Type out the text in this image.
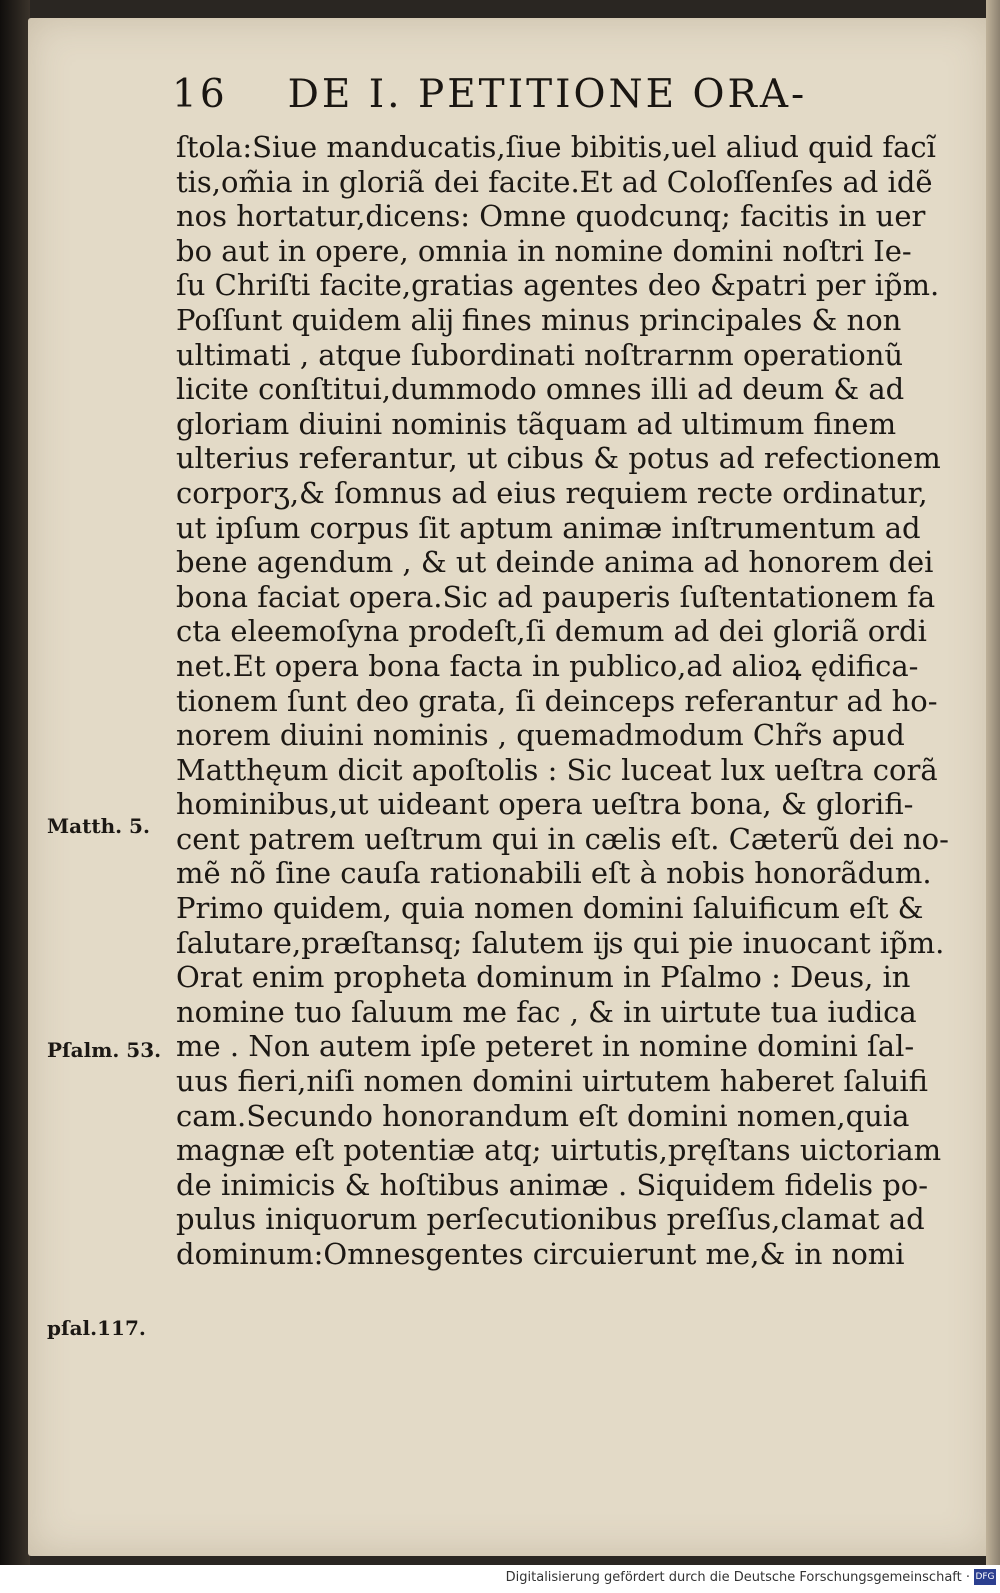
16 DE I. PETITIONE ORA-
ſtola:Siue manducatis,ſiue bibitis,uel aliud quid facĩ
tis,om̃ia in gloriã dei facite.Et ad Coloſſenſes ad idẽ
nos hortatur,dicens: Omne quodcunq; facitis in uer
bo aut in opere, omnia in nomine domini noſtri Ie-
ſu Chriſti facite,gratias agentes deo &patri per ip̃m.
Poſſunt quidem alĳ fines minus principales & non
ultimati , atque ſubordinati noſtrarnm operationũ
licite conſtitui,dummodo omnes illi ad deum & ad
gloriam diuini nominis tãquam ad ultimum finem
ulterius referantur, ut cibus & potus ad refectionem
corporʒ,& ſomnus ad eius requiem recte ordinatur,
ut ipſum corpus ſit aptum animæ inſtrumentum ad
bene agendum , & ut deinde anima ad honorem dei
bona faciat opera.Sic ad pauperis ſuſtentationem fa
cta eleemoſyna prodeſt,ſi demum ad dei gloriã ordi
net.Et opera bona facta in publico,ad alioꝝ ędifica-
tionem ſunt deo grata, ſi deinceps referantur ad ho-
norem diuini nominis , quemadmodum Chr̃s apud
Matthęum dicit apoſtolis : Sic luceat lux ueſtra corã
hominibus,ut uideant opera ueſtra bona, & glorifi-
cent patrem ueſtrum qui in cælis eſt. Cæterũ dei no-
mẽ nõ ſine cauſa rationabili eſt à nobis honorãdum.
Primo quidem, quia nomen domini ſaluificum eſt &
ſalutare,præſtansq; ſalutem ĳs qui pie inuocant ip̃m.
Orat enim propheta dominum in Pſalmo : Deus, in
nomine tuo ſaluum me fac , & in uirtute tua iudica
me . Non autem ipſe peteret in nomine domini ſal-
uus fieri,niſi nomen domini uirtutem haberet ſaluifi
cam.Secundo honorandum eſt domini nomen,quia
magnæ eſt potentiæ atq; uirtutis,pręſtans uictoriam
de inimicis & hoſtibus animæ . Siquidem fidelis po-
pulus iniquorum perſecutionibus preſſus,clamat ad
dominum:Omnesgentes circuierunt me,& in nomi
Matth. 5.
Pſalm. 53.
pſal.117.
Digitalisierung gefördert durch die Deutsche Forschungsgemeinschaft · DFG
